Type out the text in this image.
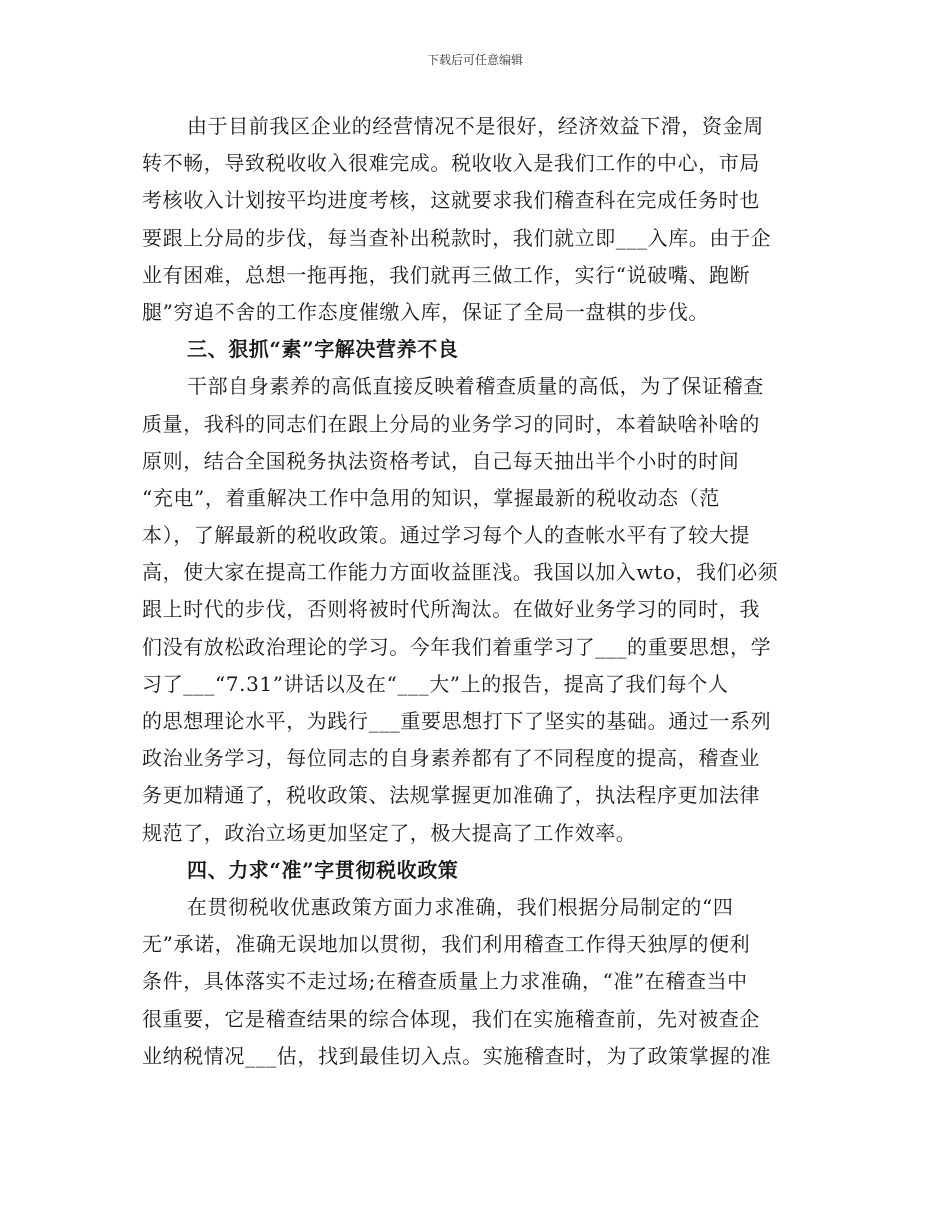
下载后可任意编辑
由于目前我区企业的经营情况不是很好，经济效益下滑，资金周
转不畅，导致税收收入很难完成。税收收入是我们工作的中心，市局
考核收入计划按平均进度考核，这就要求我们稽查科在完成任务时也
要跟上分局的步伐，每当查补出税款时，我们就立即___入库。由于企
业有困难，总想一拖再拖，我们就再三做工作，实行“说破嘴、跑断
腿”穷追不舍的工作态度催缴入库，保证了全局一盘棋的步伐。
三、狠抓“素”字解决营养不良
干部自身素养的高低直接反映着稽查质量的高低，为了保证稽查
质量，我科的同志们在跟上分局的业务学习的同时，本着缺啥补啥的
原则，结合全国税务执法资格考试，自己每天抽出半个小时的时间
“充电”，着重解决工作中急用的知识，掌握最新的税收动态（范
本），了解最新的税收政策。通过学习每个人的查帐水平有了较大提
高，使大家在提高工作能力方面收益匪浅。我国以加入wto，我们必须
跟上时代的步伐，否则将被时代所淘汰。在做好业务学习的同时，我
们没有放松政治理论的学习。今年我们着重学习了___的重要思想，学
习了___“7.31”讲话以及在“___大”上的报告，提高了我们每个人
的思想理论水平，为践行___重要思想打下了坚实的基础。通过一系列
政治业务学习，每位同志的自身素养都有了不同程度的提高，稽查业
务更加精通了，税收政策、法规掌握更加准确了，执法程序更加法律
规范了，政治立场更加坚定了，极大提高了工作效率。
四、力求“准”字贯彻税收政策
在贯彻税收优惠政策方面力求准确，我们根据分局制定的“四
无”承诺，准确无误地加以贯彻，我们利用稽查工作得天独厚的便利
条件，具体落实不走过场;在稽查质量上力求准确，“准”在稽查当中
很重要，它是稽查结果的综合体现，我们在实施稽查前，先对被查企
业纳税情况___估，找到最佳切入点。实施稽查时，为了政策掌握的准
